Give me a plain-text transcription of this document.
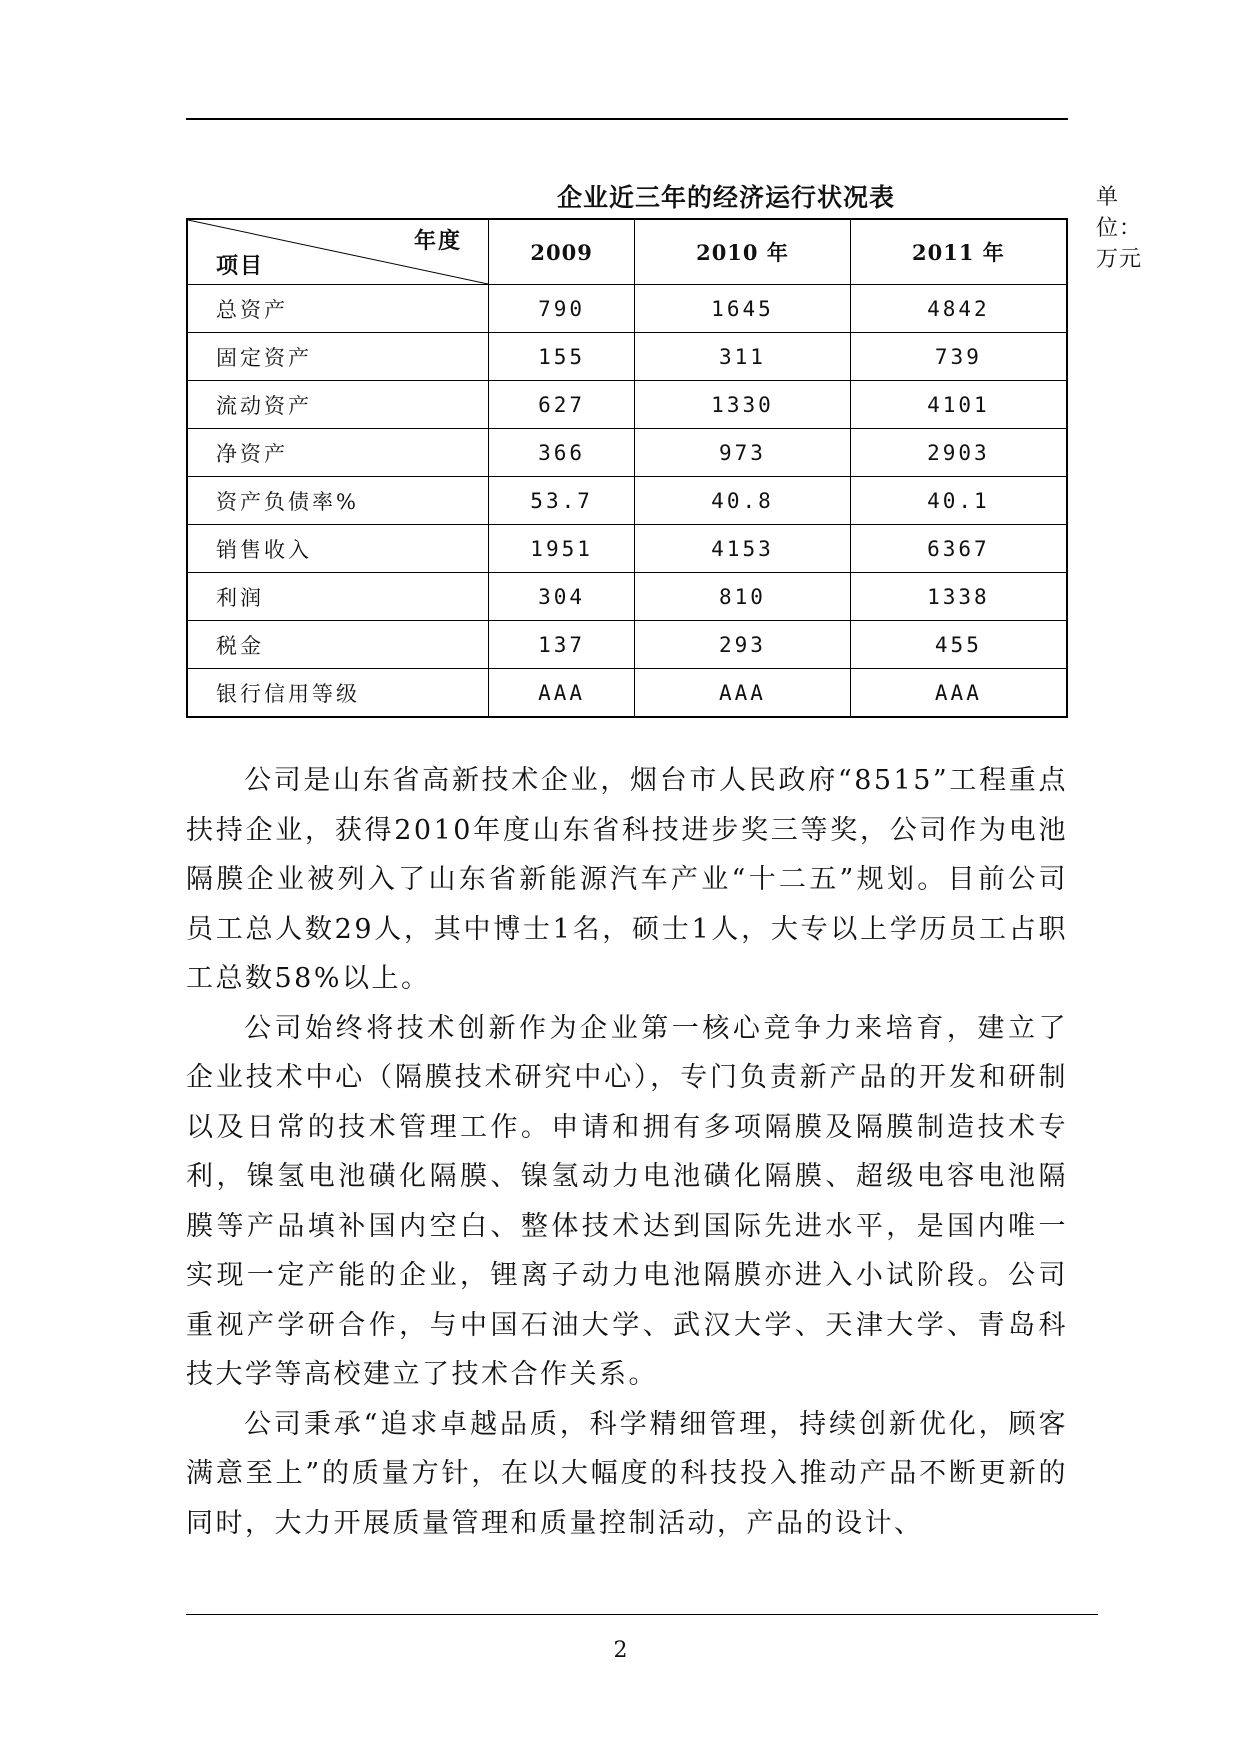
企业近三年的经济运行状况表	单位：万元
年度
项目	2009	2010 年	2011 年
总资产	790	1645	4842
固定资产	155	311	739
流动资产	627	1330	4101
净资产	366	973	2903
资产负债率%	53.7	40.8	40.1
销售收入	1951	4153	6367
利润	304	810	1338
税金	137	293	455
银行信用等级	AAA	AAA	AAA

公司是山东省高新技术企业，烟台市人民政府“8515”工程重点扶持企业，获得2010年度山东省科技进步奖三等奖，公司作为电池隔膜企业被列入了山东省新能源汽车产业“十二五”规划。目前公司员工总人数29人，其中博士1名，硕士1人，大专以上学历员工占职工总数58%以上。

公司始终将技术创新作为企业第一核心竞争力来培育，建立了企业技术中心（隔膜技术研究中心），专门负责新产品的开发和研制以及日常的技术管理工作。申请和拥有多项隔膜及隔膜制造技术专利，镍氢电池磺化隔膜、镍氢动力电池磺化隔膜、超级电容电池隔膜等产品填补国内空白、整体技术达到国际先进水平，是国内唯一实现一定产能的企业，锂离子动力电池隔膜亦进入小试阶段。公司重视产学研合作，与中国石油大学、武汉大学、天津大学、青岛科技大学等高校建立了技术合作关系。

公司秉承“追求卓越品质，科学精细管理，持续创新优化，顾客满意至上”的质量方针，在以大幅度的科技投入推动产品不断更新的同时，大力开展质量管理和质量控制活动，产品的设计、

2
